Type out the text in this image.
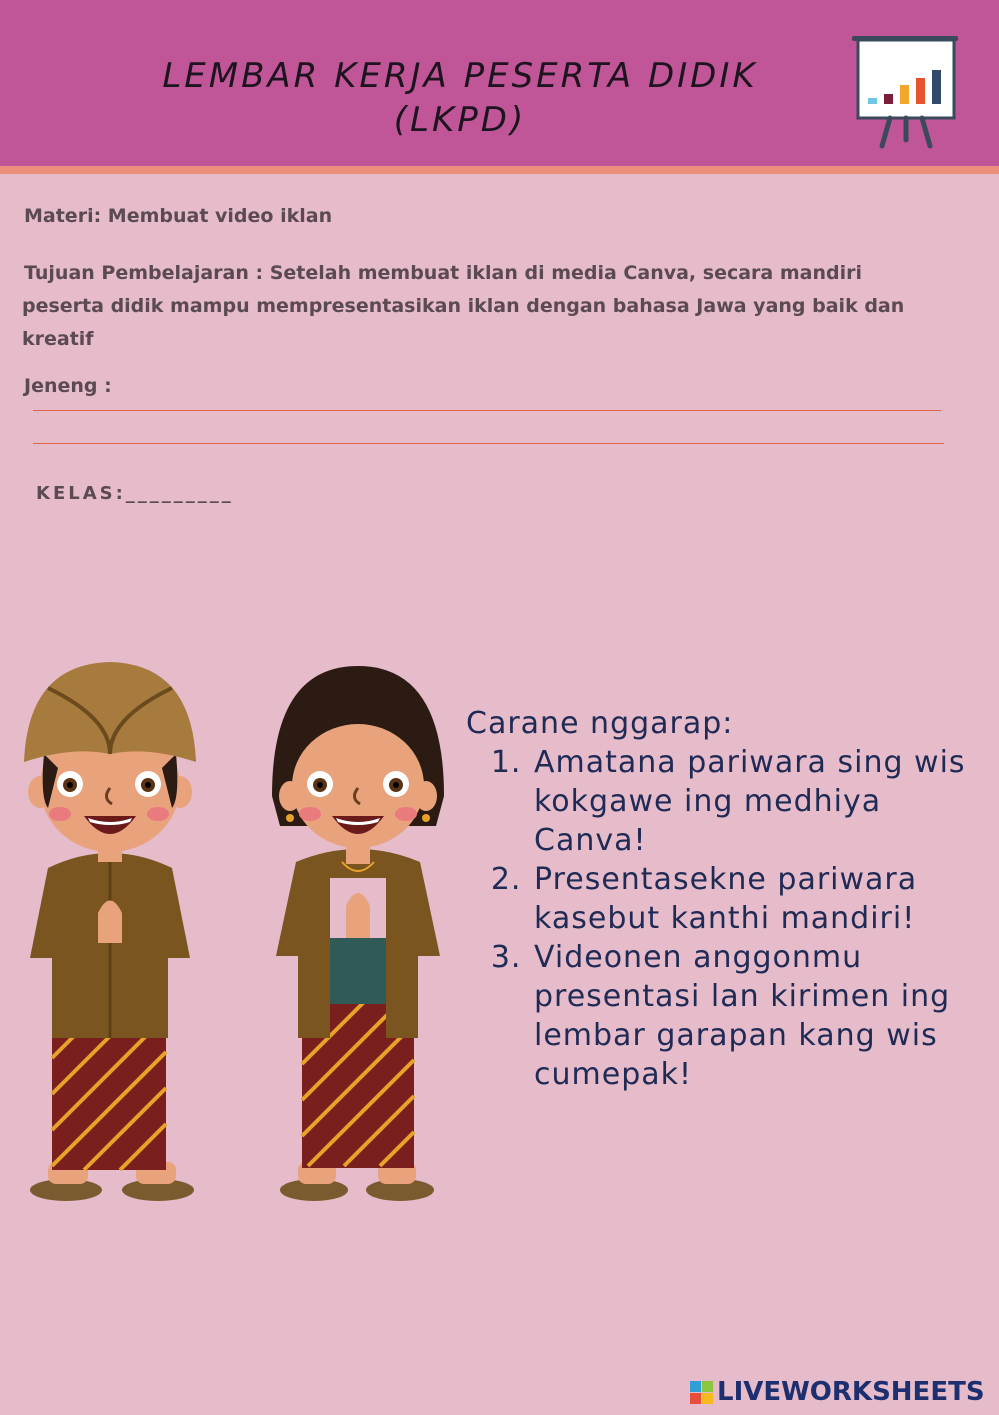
LEMBAR KERJA PESERTA DIDIK
(LKPD)
Materi: Membuat video iklan
Tujuan Pembelajaran : Setelah membuat iklan di media Canva, secara mandiri
peserta didik mampu mempresentasikan iklan dengan bahasa Jawa yang baik dan
kreatif
Jeneng :
KELAS:_________
Carane nggarap:
1. Amatana pariwara sing wis kokgawe ing medhiya Canva!
2. Presentasekne pariwara kasebut kanthi mandiri!
3. Videonen anggonmu presentasi lan kirimen ing lembar garapan kang wis cumepak!
LIVEWORKSHEETS
